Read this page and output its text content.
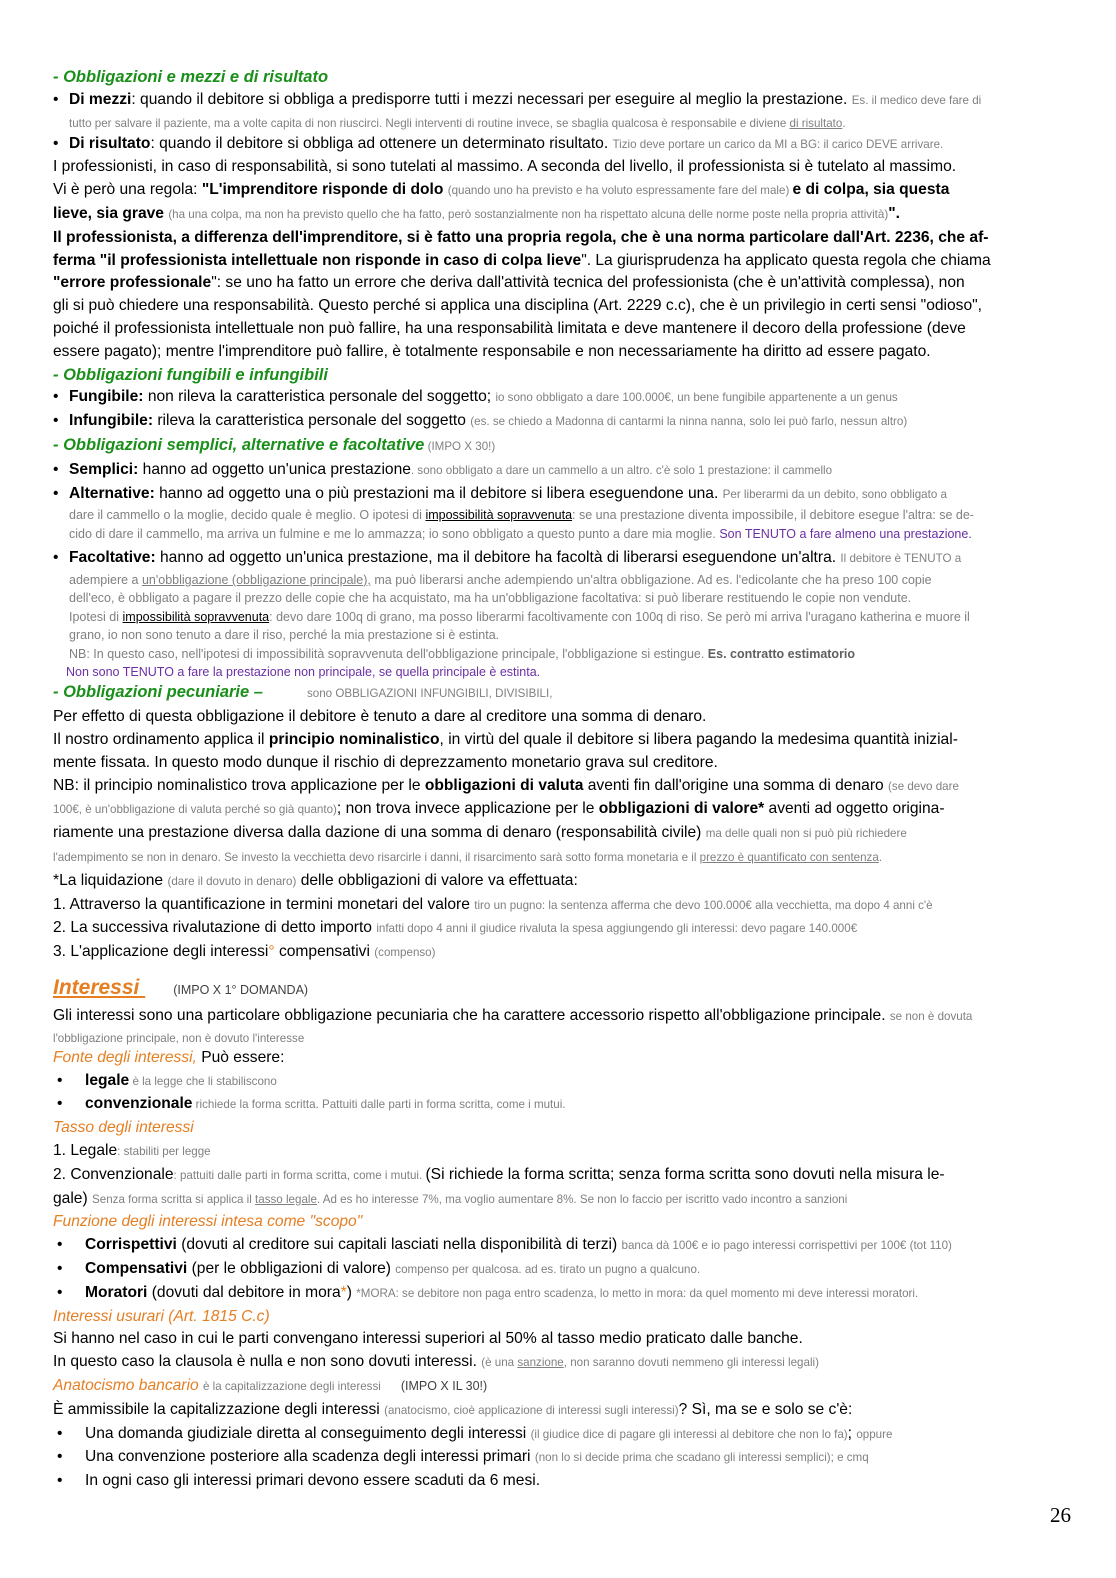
- Obbligazioni e mezzi e di risultato

• Di mezzi: quando il debitore si obbliga a predisporre tutti i mezzi necessari per eseguire al meglio la prestazione. Es. il medico deve fare di

tutto per salvare il paziente, ma a volte capita di non riuscirci. Negli interventi di routine invece, se sbaglia qualcosa è responsabile e diviene di risultato.

• Di risultato: quando il debitore si obbliga ad ottenere un determinato risultato. Tizio deve portare un carico da MI a BG: il carico DEVE arrivare.

I professionisti, in caso di responsabilità, si sono tutelati al massimo. A seconda del livello, il professionista si è tutelato al massimo.

Vi è però una regola: "L'imprenditore risponde di dolo (quando uno ha previsto e ha voluto espressamente fare del male) e di colpa, sia questa

lieve, sia grave (ha una colpa, ma non ha previsto quello che ha fatto, però sostanzialmente non ha rispettato alcuna delle norme poste nella propria attività)".

Il professionista, a differenza dell'imprenditore, si è fatto una propria regola, che è una norma particolare dall'Art. 2236, che af-

ferma "il professionista intellettuale non risponde in caso di colpa lieve". La giurisprudenza ha applicato questa regola che chiama

"errore professionale": se uno ha fatto un errore che deriva dall'attività tecnica del professionista (che è un'attività complessa), non

gli si può chiedere una responsabilità. Questo perché si applica una disciplina (Art. 2229 c.c), che è un privilegio in certi sensi "odioso",

poiché il professionista intellettuale non può fallire, ha una responsabilità limitata e deve mantenere il decoro della professione (deve

essere pagato); mentre l'imprenditore può fallire, è totalmente responsabile e non necessariamente ha diritto ad essere pagato.

- Obbligazioni fungibili e infungibili

• Fungibile: non rileva la caratteristica personale del soggetto; io sono obbligato a dare 100.000€, un bene fungibile appartenente a un genus

• Infungibile: rileva la caratteristica personale del soggetto (es. se chiedo a Madonna di cantarmi la ninna nanna, solo lei può farlo, nessun altro)

- Obbligazioni semplici, alternative e facoltative (IMPO X 30!)

• Semplici: hanno ad oggetto un'unica prestazione. sono obbligato a dare un cammello a un altro. c'è solo 1 prestazione: il cammello

• Alternative: hanno ad oggetto una o più prestazioni ma il debitore si libera eseguendone una. Per liberarmi da un debito, sono obbligato a

dare il cammello o la moglie, decido quale è meglio. O ipotesi di impossibilità sopravvenuta: se una prestazione diventa impossibile, il debitore esegue l'altra: se de-

cido di dare il cammello, ma arriva un fulmine e me lo ammazza; io sono obbligato a questo punto a dare mia moglie. Son TENUTO a fare almeno una prestazione.

• Facoltative: hanno ad oggetto un'unica prestazione, ma il debitore ha facoltà di liberarsi eseguendone un'altra. Il debitore è TENUTO a

adempiere a un'obbligazione (obbligazione principale), ma può liberarsi anche adempiendo un'altra obbligazione. Ad es. l'edicolante che ha preso 100 copie

dell'eco, è obbligato a pagare il prezzo delle copie che ha acquistato, ma ha un'obbligazione facoltativa: si può liberare restituendo le copie non vendute.

Ipotesi di impossibilità sopravvenuta: devo dare 100q di grano, ma posso liberarmi facoltivamente con 100q di riso. Se però mi arriva l'uragano katherina e muore il

grano, io non sono tenuto a dare il riso, perché la mia prestazione si è estinta.

NB: In questo caso, nell'ipotesi di impossibilità sopravvenuta dell'obbligazione principale, l'obbligazione si estingue. Es. contratto estimatorio

Non sono TENUTO a fare la prestazione non principale, se quella principale è estinta.

- Obbligazioni pecuniarie –	sono OBBLIGAZIONI INFUNGIBILI, DIVISIBILI,

Per effetto di questa obbligazione il debitore è tenuto a dare al creditore una somma di denaro.

Il nostro ordinamento applica il principio nominalistico, in virtù del quale il debitore si libera pagando la medesima quantità inizial-

mente fissata. In questo modo dunque il rischio di deprezzamento monetario grava sul creditore.

NB: il principio nominalistico trova applicazione per le obbligazioni di valuta aventi fin dall'origine una somma di denaro (se devo dare

100€, è un'obbligazione di valuta perché so già quanto); non trova invece applicazione per le obbligazioni di valore* aventi ad oggetto origina-

riamente una prestazione diversa dalla dazione di una somma di denaro (responsabilità civile) ma delle quali non si può più richiedere

l'adempimento se non in denaro. Se investo la vecchietta devo risarcirle i danni, il risarcimento sarà sotto forma monetaria e il prezzo è quantificato con sentenza.

*La liquidazione (dare il dovuto in denaro) delle obbligazioni di valore va effettuata:

1. Attraverso la quantificazione in termini monetari del valore tiro un pugno: la sentenza afferma che devo 100.000€ alla vecchietta, ma dopo 4 anni c'è

2. La successiva rivalutazione di detto importo infatti dopo 4 anni il giudice rivaluta la spesa aggiungendo gli interessi: devo pagare 140.000€

3. L'applicazione degli interessi° compensativi (compenso)

Interessi (IMPO X 1° DOMANDA)

Gli interessi sono una particolare obbligazione pecuniaria che ha carattere accessorio rispetto all'obbligazione principale. se non è dovuta

l'obbligazione principale, non è dovuto l'interesse

Fonte degli interessi, Può essere:

• legale è la legge che li stabiliscono

• convenzionale richiede la forma scritta. Pattuiti dalle parti in forma scritta, come i mutui.

Tasso degli interessi

1. Legale: stabiliti per legge

2. Convenzionale: pattuiti dalle parti in forma scritta, come i mutui. (Si richiede la forma scritta; senza forma scritta sono dovuti nella misura le-

gale) Senza forma scritta si applica il tasso legale. Ad es ho interesse 7%, ma voglio aumentare 8%. Se non lo faccio per iscritto vado incontro a sanzioni

Funzione degli interessi intesa come "scopo"

• Corrispettivi (dovuti al creditore sui capitali lasciati nella disponibilità di terzi) banca dà 100€ e io pago interessi corrispettivi per 100€ (tot 110)

• Compensativi (per le obbligazioni di valore) compenso per qualcosa. ad es. tirato un pugno a qualcuno.

• Moratori (dovuti dal debitore in mora*) *MORA: se debitore non paga entro scadenza, lo metto in mora: da quel momento mi deve interessi moratori.

Interessi usurari (Art. 1815 C.c)

Si hanno nel caso in cui le parti convengano interessi superiori al 50% al tasso medio praticato dalle banche.

In questo caso la clausola è nulla e non sono dovuti interessi. (è una sanzione, non saranno dovuti nemmeno gli interessi legali)

Anatocismo bancario è la capitalizzazione degli interessi (IMPO X IL 30!)

È ammissibile la capitalizzazione degli interessi (anatocismo, cioè applicazione di interessi sugli interessi)? Sì, ma se e solo se c'è:

• Una domanda giudiziale diretta al conseguimento degli interessi (il giudice dice di pagare gli interessi al debitore che non lo fa); oppure

• Una convenzione posteriore alla scadenza degli interessi primari (non lo si decide prima che scadano gli interessi semplici); e cmq

• In ogni caso gli interessi primari devono essere scaduti da 6 mesi.

26
